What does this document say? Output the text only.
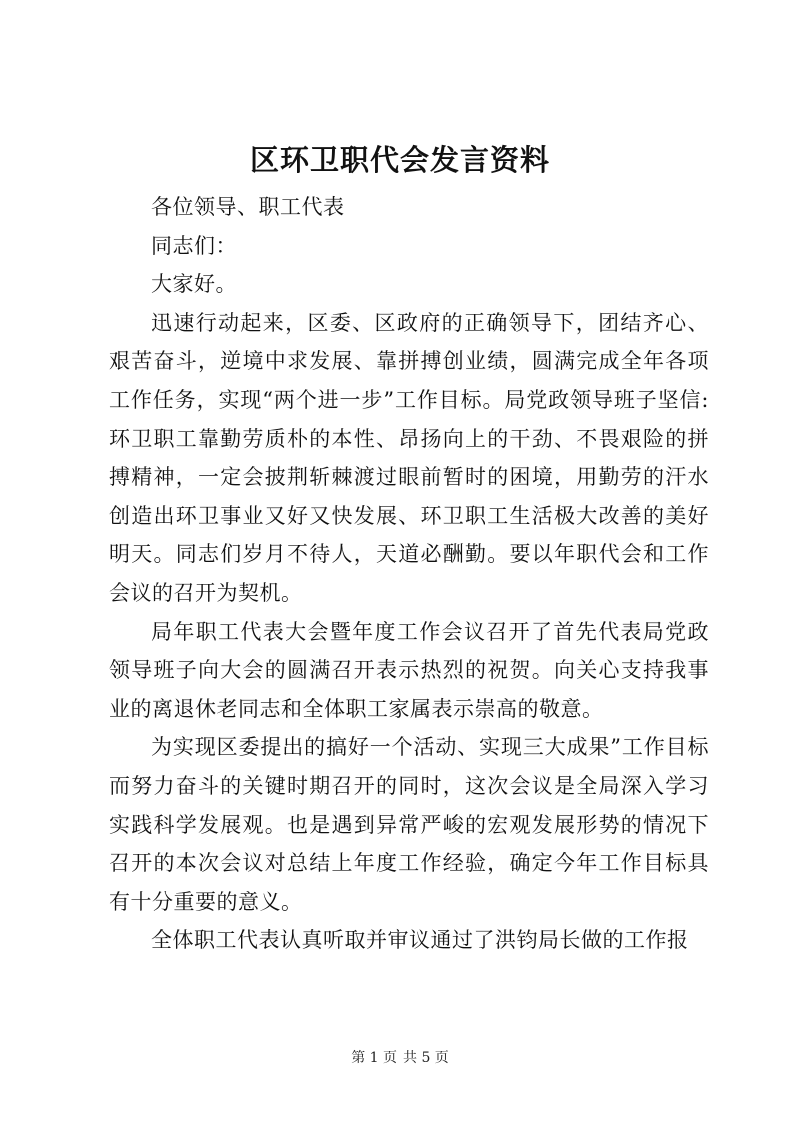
区环卫职代会发言资料

各位领导、职工代表

同志们：

大家好。

迅速行动起来，区委、区政府的正确领导下，团结齐心、艰苦奋斗，逆境中求发展、靠拼搏创业绩，圆满完成全年各项工作任务，实现“两个进一步”工作目标。局党政领导班子坚信:环卫职工靠勤劳质朴的本性、昂扬向上的干劲、不畏艰险的拼搏精神，一定会披荆斩棘渡过眼前暂时的困境，用勤劳的汗水创造出环卫事业又好又快发展、环卫职工生活极大改善的美好明天。同志们岁月不待人，天道必酬勤。要以年职代会和工作会议的召开为契机。

局年职工代表大会暨年度工作会议召开了首先代表局党政领导班子向大会的圆满召开表示热烈的祝贺。向关心支持我事业的离退休老同志和全体职工家属表示崇高的敬意。

为实现区委提出的搞好一个活动、实现三大成果”工作目标而努力奋斗的关键时期召开的同时，这次会议是全局深入学习实践科学发展观。也是遇到异常严峻的宏观发展形势的情况下召开的本次会议对总结上年度工作经验，确定今年工作目标具有十分重要的意义。

全体职工代表认真听取并审议通过了洪钧局长做的工作报

第 1 页 共 5 页
